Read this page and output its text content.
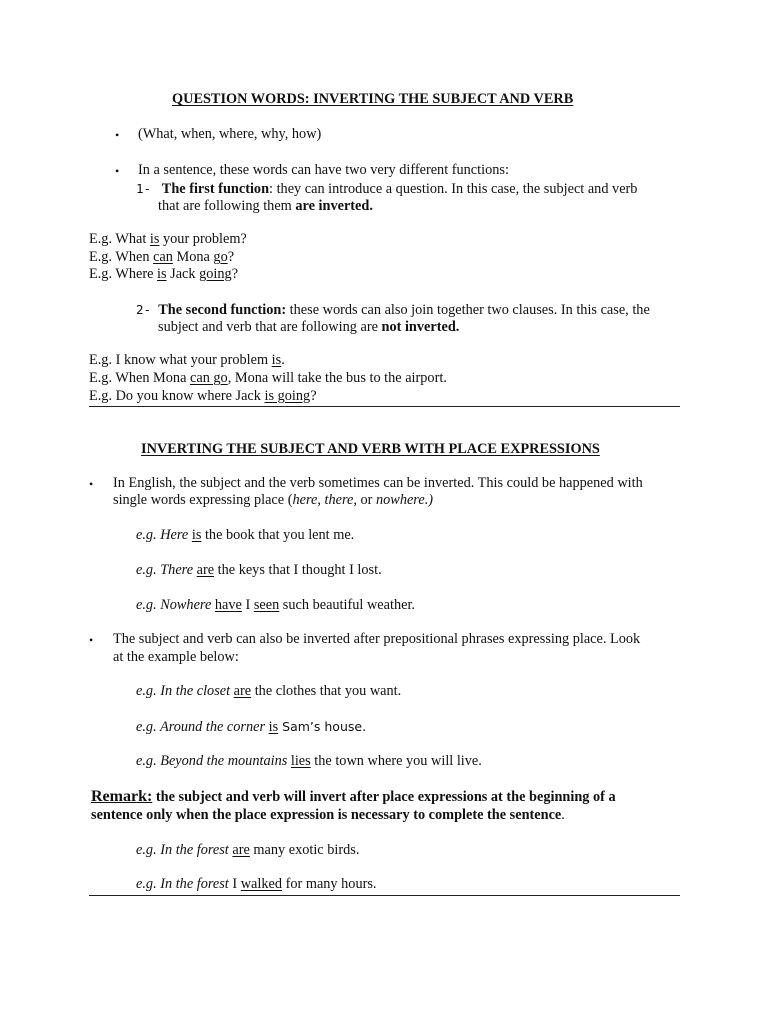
QUESTION WORDS: INVERTING THE SUBJECT AND VERB
• (What, when, where, why, how)
• In a sentence, these words can have two very different functions:
1- The first function: they can introduce a question. In this case, the subject and verb
that are following them are inverted.
E.g. What is your problem?
E.g. When can Mona go?
E.g. Where is Jack going?
2- The second function: these words can also join together two clauses. In this case, the
subject and verb that are following are not inverted.
E.g. I know what your problem is.
E.g. When Mona can go, Mona will take the bus to the airport.
E.g. Do you know where Jack is going?
INVERTING THE SUBJECT AND VERB WITH PLACE EXPRESSIONS
• In English, the subject and the verb sometimes can be inverted. This could be happened with
single words expressing place (here, there, or nowhere.)
e.g. Here is the book that you lent me.
e.g. There are the keys that I thought I lost.
e.g. Nowhere have I seen such beautiful weather.
• The subject and verb can also be inverted after prepositional phrases expressing place. Look
at the example below:
e.g. In the closet are the clothes that you want.
e.g. Around the corner is Sam’s house.
e.g. Beyond the mountains lies the town where you will live.
Remark: the subject and verb will invert after place expressions at the beginning of a
sentence only when the place expression is necessary to complete the sentence.
e.g. In the forest are many exotic birds.
e.g. In the forest I walked for many hours.
